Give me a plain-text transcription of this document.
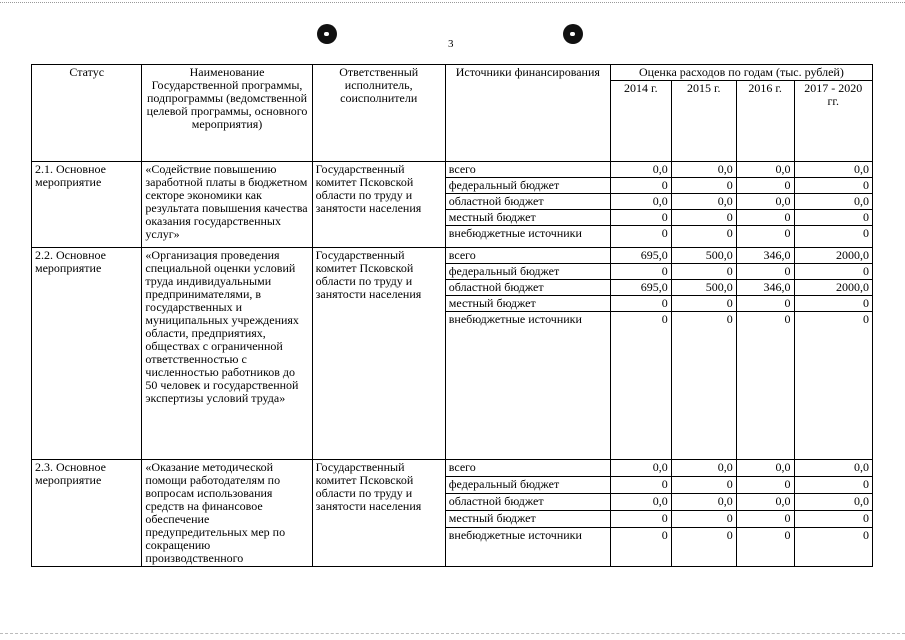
3
Статус	Наименование Государственной программы, подпрограммы (ведомственной целевой программы, основного мероприятия)	Ответственный исполнитель, соисполнители	Источники финансирования	Оценка расходов по годам (тыс. рублей)			
				2014 г.	2015 г.	2016 г.	2017 - 2020 гг.
2.1. Основное мероприятие	«Содействие повышению заработной платы в бюджетном секторе экономики как результата повышения качества оказания государственных услуг»	Государственный комитет Псковской области по труду и занятости населения	всего	0,0	0,0	0,0	0,0
			федеральный бюджет	0	0	0	0
			областной бюджет	0,0	0,0	0,0	0,0
			местный бюджет	0	0	0	0
			внебюджетные источники	0	0	0	0
2.2. Основное мероприятие	«Организация проведения специальной оценки условий труда индивидуальными предпринимателями, в государственных и муниципальных учреждениях области, предприятиях, обществах с ограниченной ответственностью с численностью работников до 50 человек и государственной экспертизы условий труда»	Государственный комитет Псковской области по труду и занятости населения	всего	695,0	500,0	346,0	2000,0
			федеральный бюджет	0	0	0	0
			областной бюджет	695,0	500,0	346,0	2000,0
			местный бюджет	0	0	0	0
			внебюджетные источники	0	0	0	0
2.3. Основное мероприятие	«Оказание методической помощи работодателям по вопросам использования средств на финансовое обеспечение предупредительных мер по сокращению производственного	Государственный комитет Псковской области по труду и занятости населения	всего	0,0	0,0	0,0	0,0
			федеральный бюджет	0	0	0	0
			областной бюджет	0,0	0,0	0,0	0,0
			местный бюджет	0	0	0	0
			внебюджетные источники	0	0	0	0
